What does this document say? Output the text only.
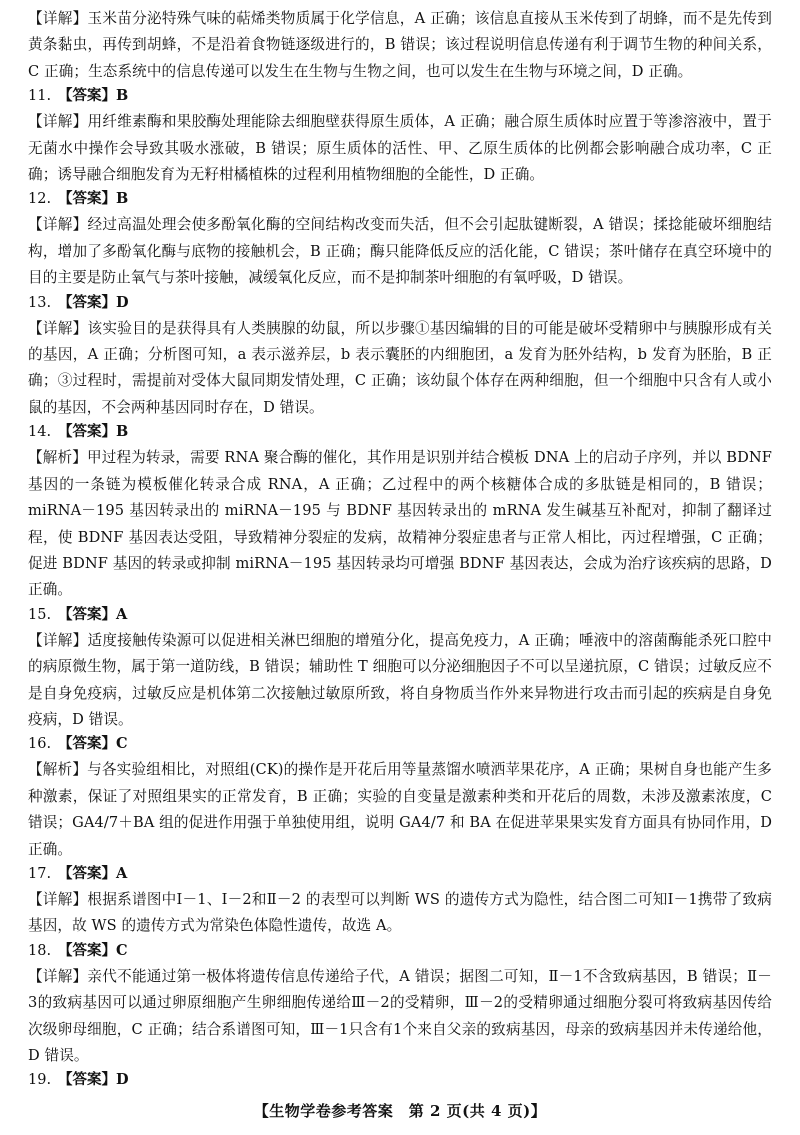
【详解】玉米苗分泌特殊气味的萜烯类物质属于化学信息，A 正确；该信息直接从玉米传到了胡蜂，而不是先传到黄条黏虫，再传到胡蜂，不是沿着食物链逐级进行的，B 错误；该过程说明信息传递有利于调节生物的种间关系，C 正确；生态系统中的信息传递可以发生在生物与生物之间，也可以发生在生物与环境之间，D 正确。

11. 【答案】B

【详解】用纤维素酶和果胶酶处理能除去细胞壁获得原生质体，A 正确；融合原生质体时应置于等渗溶液中，置于无菌水中操作会导致其吸水涨破，B 错误；原生质体的活性、甲、乙原生质体的比例都会影响融合成功率，C 正确；诱导融合细胞发育为无籽柑橘植株的过程利用植物细胞的全能性，D 正确。

12. 【答案】B

【详解】经过高温处理会使多酚氧化酶的空间结构改变而失活，但不会引起肽键断裂，A 错误；揉捻能破坏细胞结构，增加了多酚氧化酶与底物的接触机会，B 正确；酶只能降低反应的活化能，C 错误；茶叶储存在真空环境中的目的主要是防止氧气与茶叶接触，减缓氧化反应，而不是抑制茶叶细胞的有氧呼吸，D 错误。

13. 【答案】D

【详解】该实验目的是获得具有人类胰腺的幼鼠，所以步骤①基因编辑的目的可能是破坏受精卵中与胰腺形成有关的基因，A 正确；分析图可知，a 表示滋养层，b 表示囊胚的内细胞团，a 发育为胚外结构，b 发育为胚胎，B 正确；③过程时，需提前对受体大鼠同期发情处理，C 正确；该幼鼠个体存在两种细胞，但一个细胞中只含有人或小鼠的基因，不会两种基因同时存在，D 错误。

14. 【答案】B

【解析】甲过程为转录，需要 RNA 聚合酶的催化，其作用是识别并结合模板 DNA 上的启动子序列，并以 BDNF 基因的一条链为模板催化转录合成 RNA，A 正确；乙过程中的两个核糖体合成的多肽链是相同的，B 错误；miRNA－195 基因转录出的 miRNA－195 与 BDNF 基因转录出的 mRNA 发生碱基互补配对，抑制了翻译过程，使 BDNF 基因表达受阻，导致精神分裂症的发病，故精神分裂症患者与正常人相比，丙过程增强，C 正确；促进 BDNF 基因的转录或抑制 miRNA－195 基因转录均可增强 BDNF 基因表达，会成为治疗该疾病的思路，D 正确。

15. 【答案】A

【详解】适度接触传染源可以促进相关淋巴细胞的增殖分化，提高免疫力，A 正确；唾液中的溶菌酶能杀死口腔中的病原微生物，属于第一道防线，B 错误；辅助性 T 细胞可以分泌细胞因子不可以呈递抗原，C 错误；过敏反应不是自身免疫病，过敏反应是机体第二次接触过敏原所致，将自身物质当作外来异物进行攻击而引起的疾病是自身免疫病，D 错误。

16. 【答案】C

【解析】与各实验组相比，对照组(CK)的操作是开花后用等量蒸馏水喷洒苹果花序，A 正确；果树自身也能产生多种激素，保证了对照组果实的正常发育，B 正确；实验的自变量是激素种类和开花后的周数，未涉及激素浓度，C 错误；GA4/7＋BA 组的促进作用强于单独使用组，说明 GA4/7 和 BA 在促进苹果果实发育方面具有协同作用，D 正确。

17. 【答案】A

【详解】根据系谱图中Ⅰ－1、Ⅰ－2和Ⅱ－2 的表型可以判断 WS 的遗传方式为隐性，结合图二可知Ⅰ－1携带了致病基因，故 WS 的遗传方式为常染色体隐性遗传，故选 A。

18. 【答案】C

【详解】亲代不能通过第一极体将遗传信息传递给子代，A 错误；据图二可知，Ⅱ－1不含致病基因，B 错误；Ⅱ－3的致病基因可以通过卵原细胞产生卵细胞传递给Ⅲ－2的受精卵，Ⅲ－2的受精卵通过细胞分裂可将致病基因传给次级卵母细胞，C 正确；结合系谱图可知，Ⅲ－1只含有1个来自父亲的致病基因，母亲的致病基因并未传递给他，D 错误。

19. 【答案】D
【生物学卷参考答案　第 2 页(共 4 页)】
